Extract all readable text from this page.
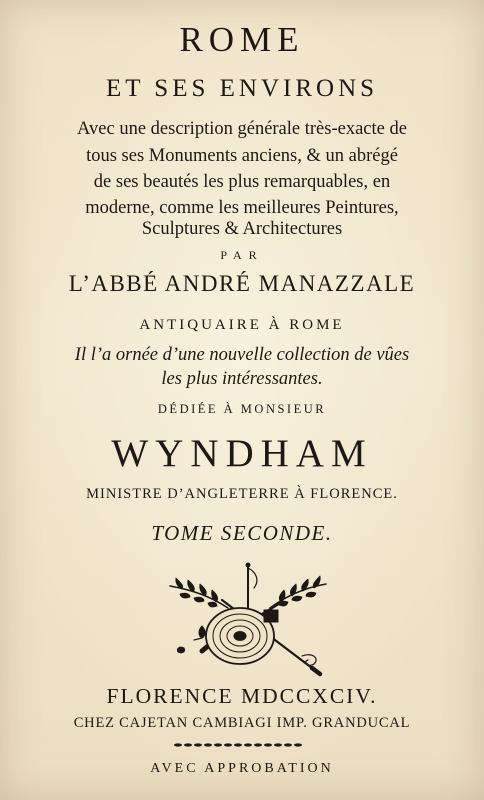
ROME
ET SES ENVIRONS
Avec une description générale très-exacte de
tous ses Monuments anciens, & un abrégé
de ses beautés les plus remarquables, en
moderne, comme les meilleures Peintures,
Sculptures & Architectures
PAR
L’ABBÉ ANDRÉ MANAZZALE
ANTIQUAIRE À ROME
Il l’a ornée d’une nouvelle collection de vûes
les plus intéressantes.
DÉDIÉE À MONSIEUR
WYNDHAM
MINISTRE D’ANGLETERRE À FLORENCE.
TOME SECONDE.
FLORENCE MDCCXCIV.
CHEZ CAJETAN CAMBIAGI IMP. GRANDUCAL
AVEC APPROBATION
